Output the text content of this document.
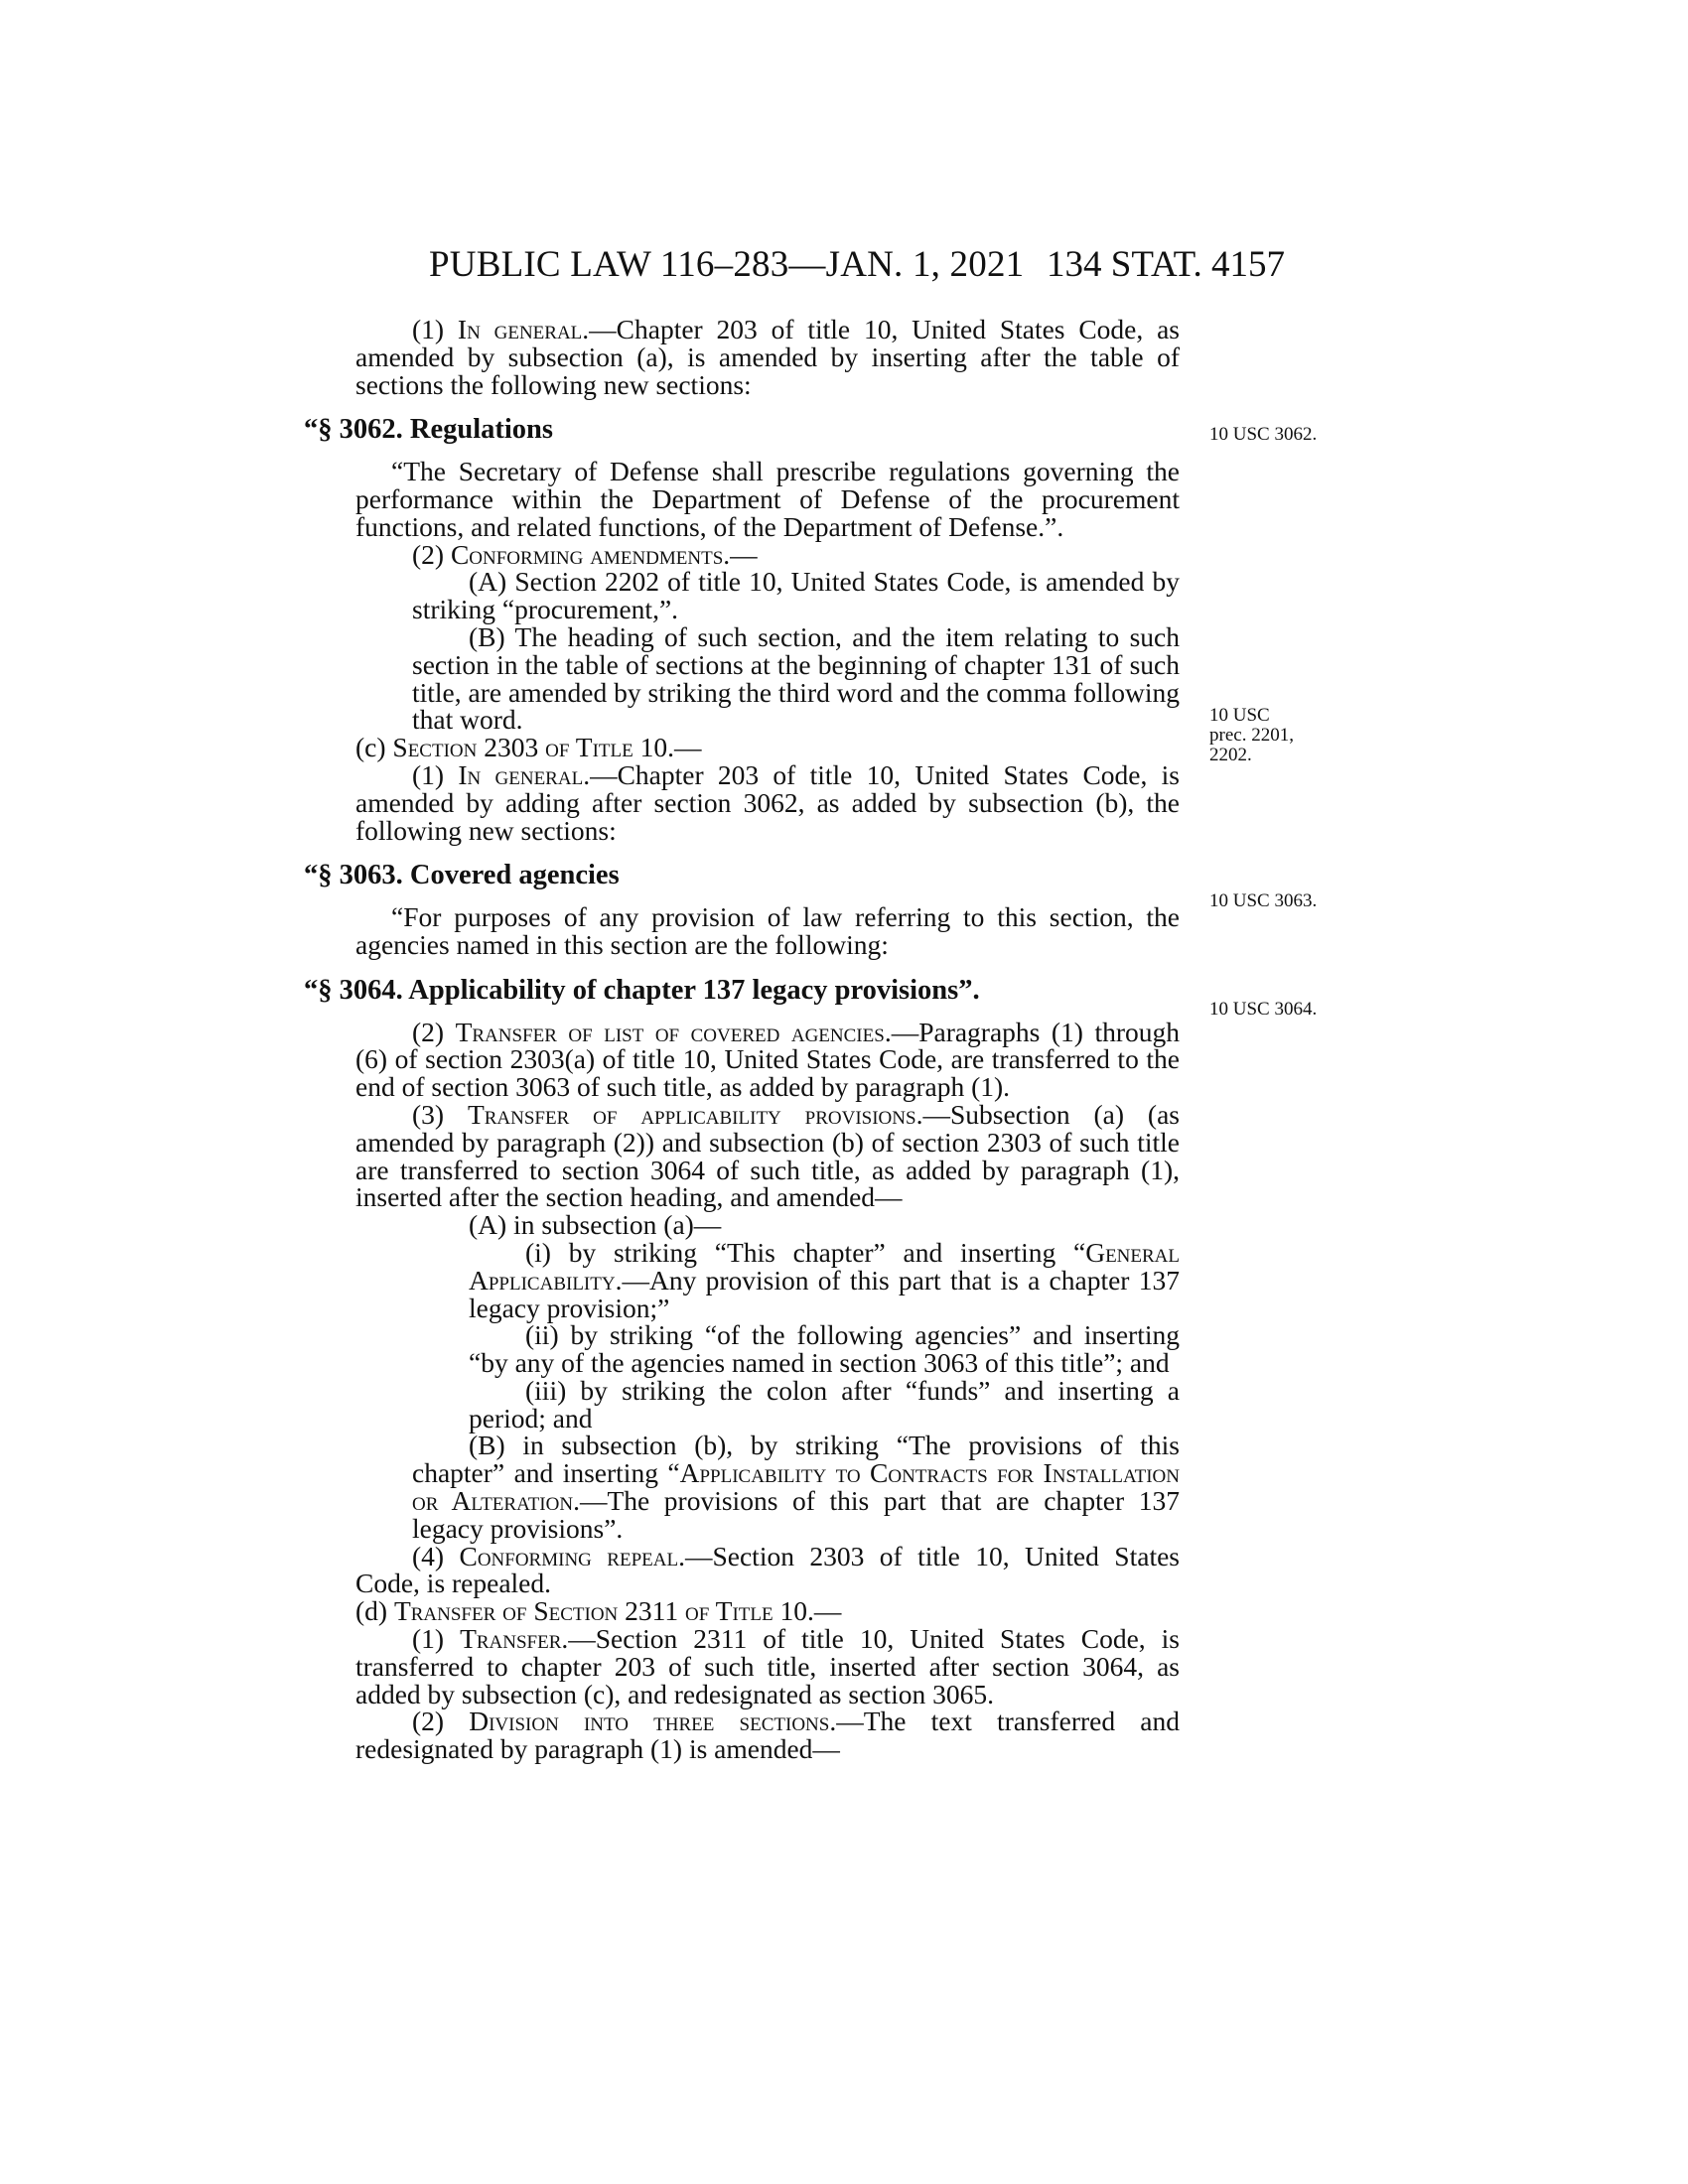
PUBLIC LAW 116–283—JAN. 1, 2021 134 STAT. 4157
10 USC 3062.
10 USC
prec. 2201,
2202.
10 USC 3063.
10 USC 3064.

(1) In general.—Chapter 203 of title 10, United States Code, as amended by subsection (a), is amended by inserting after the table of sections the following new sections:

“§ 3062. Regulations

“The Secretary of Defense shall prescribe regulations governing the performance within the Department of Defense of the procurement functions, and related functions, of the Department of Defense.”.

(2) Conforming amendments.—

(A) Section 2202 of title 10, United States Code, is amended by striking “procurement,”.

(B) The heading of such section, and the item relating to such section in the table of sections at the beginning of chapter 131 of such title, are amended by striking the third word and the comma following that word.

(c) Section 2303 of Title 10.—

(1) In general.—Chapter 203 of title 10, United States Code, is amended by adding after section 3062, as added by subsection (b), the following new sections:

“§ 3063. Covered agencies

“For purposes of any provision of law referring to this section, the agencies named in this section are the following:

“§ 3064. Applicability of chapter 137 legacy provisions”.

(2) Transfer of list of covered agencies.—Paragraphs (1) through (6) of section 2303(a) of title 10, United States Code, are transferred to the end of section 3063 of such title, as added by paragraph (1).

(3) Transfer of applicability provisions.—Subsection (a) (as amended by paragraph (2)) and subsection (b) of section 2303 of such title are transferred to section 3064 of such title, as added by paragraph (1), inserted after the section heading, and amended—

(A) in subsection (a)—

(i) by striking “This chapter” and inserting “General Applicability.—Any provision of this part that is a chapter 137 legacy provision;”

(ii) by striking “of the following agencies” and inserting “by any of the agencies named in section 3063 of this title”; and

(iii) by striking the colon after “funds” and inserting a period; and

(B) in subsection (b), by striking “The provisions of this chapter” and inserting “Applicability to Contracts for Installation or Alteration.—The provisions of this part that are chapter 137 legacy provisions”.

(4) Conforming repeal.—Section 2303 of title 10, United States Code, is repealed.

(d) Transfer of Section 2311 of Title 10.—

(1) Transfer.—Section 2311 of title 10, United States Code, is transferred to chapter 203 of such title, inserted after section 3064, as added by subsection (c), and redesignated as section 3065.

(2) Division into three sections.—The text transferred and redesignated by paragraph (1) is amended—
